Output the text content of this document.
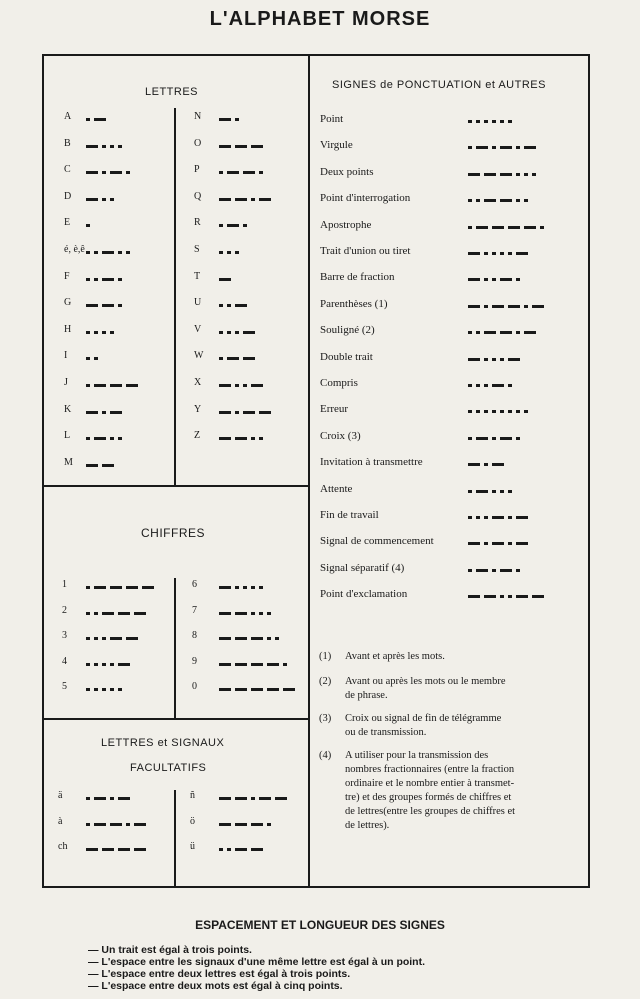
L'ALPHABET MORSE
LETTRES
SIGNES de PONCTUATION et AUTRES
CHIFFRES
LETTRES et SIGNAUX
FACULTATIFS
A
B
C
D
E
é, è,ê
F
G
H
I
J
K
L
M
N
O
P
Q
R
S
T
U
V
W
X
Y
Z
Point
Virgule
Deux points
Point d'interrogation
Apostrophe
Trait d'union ou tiret
Barre de fraction
Parenthèses (1)
Souligné (2)
Double trait
Compris
Erreur
Croix (3)
Invitation à transmettre
Attente
Fin de travail
Signal de commencement
Signal séparatif (4)
Point d'exclamation
1
2
3
4
5
6
7
8
9
0
ä
à
ch
ñ
ö
ü
(1) Avant et après les mots.
(2) Avant ou après les mots ou le membre
de phrase.
(3) Croix ou signal de fin de télégramme
ou de transmission.
(4) A utiliser pour la transmission des
nombres fractionnaires (entre la fraction
ordinaire et le nombre entier à transmet-
tre) et des groupes formés de chiffres et
de lettres(entre les groupes de chiffres et
de lettres).
ESPACEMENT ET LONGUEUR DES SIGNES
— Un trait est égal à trois points.
— L'espace entre les signaux d'une même lettre est égal à un point.
— L'espace entre deux lettres est égal à trois points.
— L'espace entre deux mots est égal à cinq points.
